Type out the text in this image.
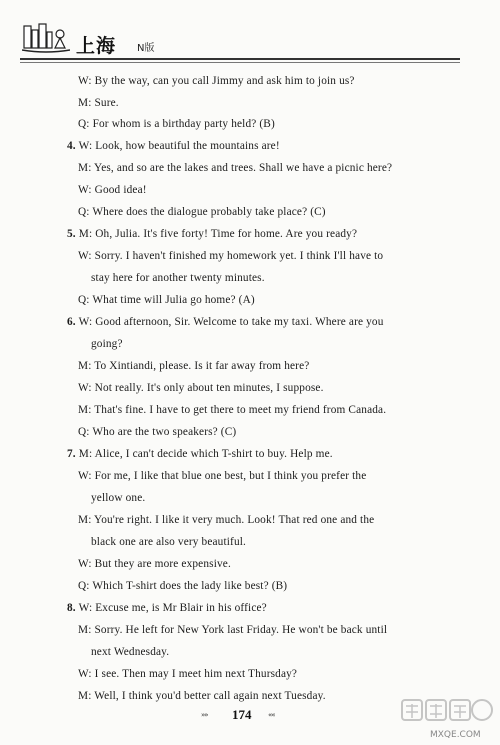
上海 N版
W: By the way, can you call Jimmy and ask him to join us?
M: Sure.
Q: For whom is a birthday party held? (B)
4. W: Look, how beautiful the mountains are!
M: Yes, and so are the lakes and trees. Shall we have a picnic here?
W: Good idea!
Q: Where does the dialogue probably take place? (C)
5. M: Oh, Julia. It's five forty! Time for home. Are you ready?
W: Sorry. I haven't finished my homework yet. I think I'll have to
stay here for another twenty minutes.
Q: What time will Julia go home? (A)
6. W: Good afternoon, Sir. Welcome to take my taxi. Where are you
going?
M: To Xintiandi, please. Is it far away from here?
W: Not really. It's only about ten minutes, I suppose.
M: That's fine. I have to get there to meet my friend from Canada.
Q: Who are the two speakers? (C)
7. M: Alice, I can't decide which T-shirt to buy. Help me.
W: For me, I like that blue one best, but I think you prefer the
yellow one.
M: You're right. I like it very much. Look! That red one and the
black one are also very beautiful.
W: But they are more expensive.
Q: Which T-shirt does the lady like best? (B)
8. W: Excuse me, is Mr Blair in his office?
M: Sorry. He left for New York last Friday. He won't be back until
next Wednesday.
W: I see. Then may I meet him next Thursday?
M: Well, I think you'd better call again next Tuesday.
»» 174 ««
MXQE.COM
